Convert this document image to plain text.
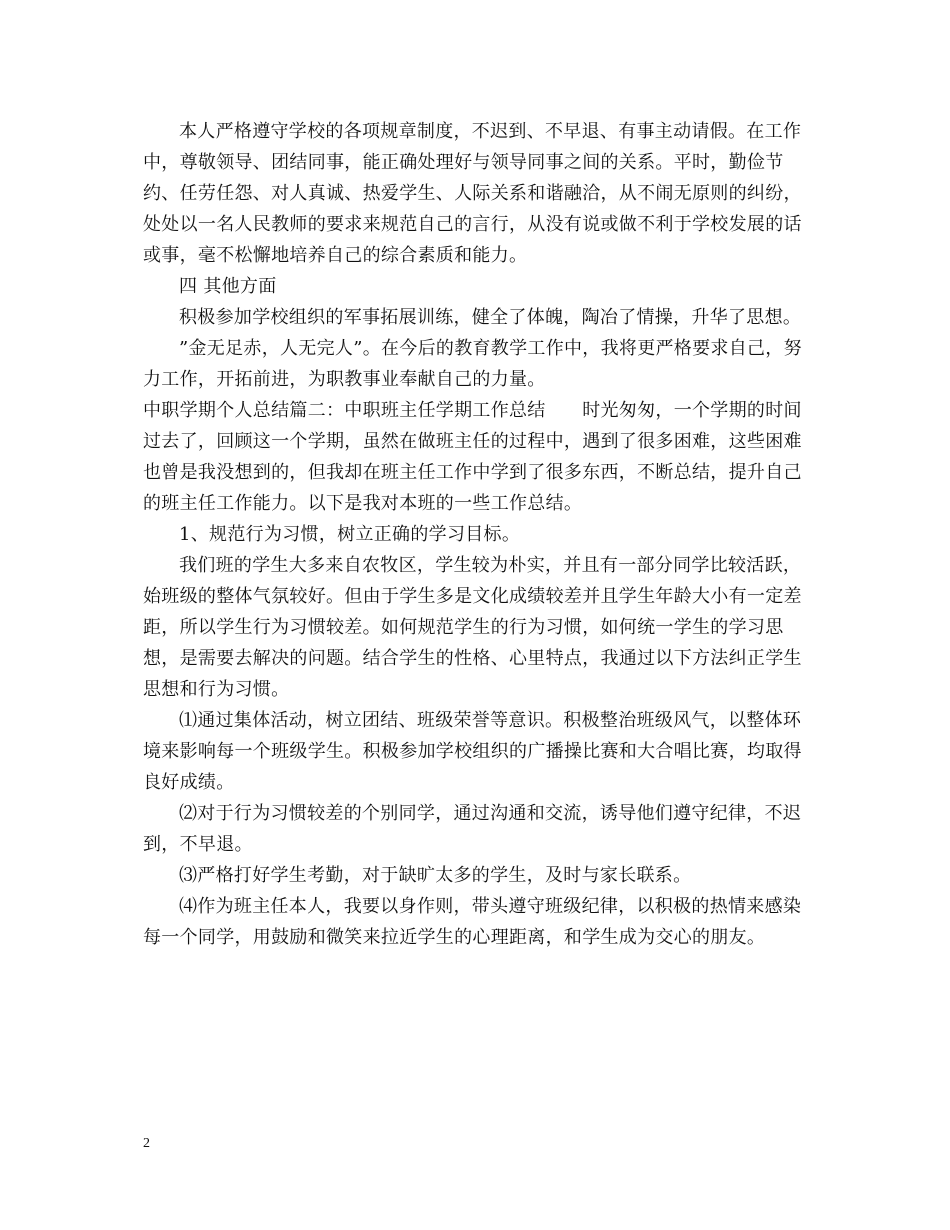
本人严格遵守学校的各项规章制度，不迟到、不早退、有事主动请假。在工作中，尊敬领导、团结同事，能正确处理好与领导同事之间的关系。平时，勤俭节约、任劳任怨、对人真诚、热爱学生、人际关系和谐融洽，从不闹无原则的纠纷，处处以一名人民教师的要求来规范自己的言行，从没有说或做不利于学校发展的话或事，毫不松懈地培养自己的综合素质和能力。

四 其他方面

积极参加学校组织的军事拓展训练，健全了体魄，陶冶了情操，升华了思想。

”金无足赤，人无完人”。在今后的教育教学工作中，我将更严格要求自己，努力工作，开拓前进，为职教事业奉献自己的力量。

中职学期个人总结篇二：中职班主任学期工作总结　　时光匆匆，一个学期的时间过去了，回顾这一个学期，虽然在做班主任的过程中，遇到了很多困难，这些困难也曾是我没想到的，但我却在班主任工作中学到了很多东西，不断总结，提升自己的班主任工作能力。以下是我对本班的一些工作总结。

1、规范行为习惯，树立正确的学习目标。

我们班的学生大多来自农牧区，学生较为朴实，并且有一部分同学比较活跃，始班级的整体气氛较好。但由于学生多是文化成绩较差并且学生年龄大小有一定差距，所以学生行为习惯较差。如何规范学生的行为习惯，如何统一学生的学习思想，是需要去解决的问题。结合学生的性格、心里特点，我通过以下方法纠正学生思想和行为习惯。

⑴通过集体活动，树立团结、班级荣誉等意识。积极整治班级风气，以整体环境来影响每一个班级学生。积极参加学校组织的广播操比赛和大合唱比赛，均取得良好成绩。

⑵对于行为习惯较差的个别同学，通过沟通和交流，诱导他们遵守纪律，不迟到，不早退。

⑶严格打好学生考勤，对于缺旷太多的学生，及时与家长联系。

⑷作为班主任本人，我要以身作则，带头遵守班级纪律，以积极的热情来感染每一个同学，用鼓励和微笑来拉近学生的心理距离，和学生成为交心的朋友。

2
